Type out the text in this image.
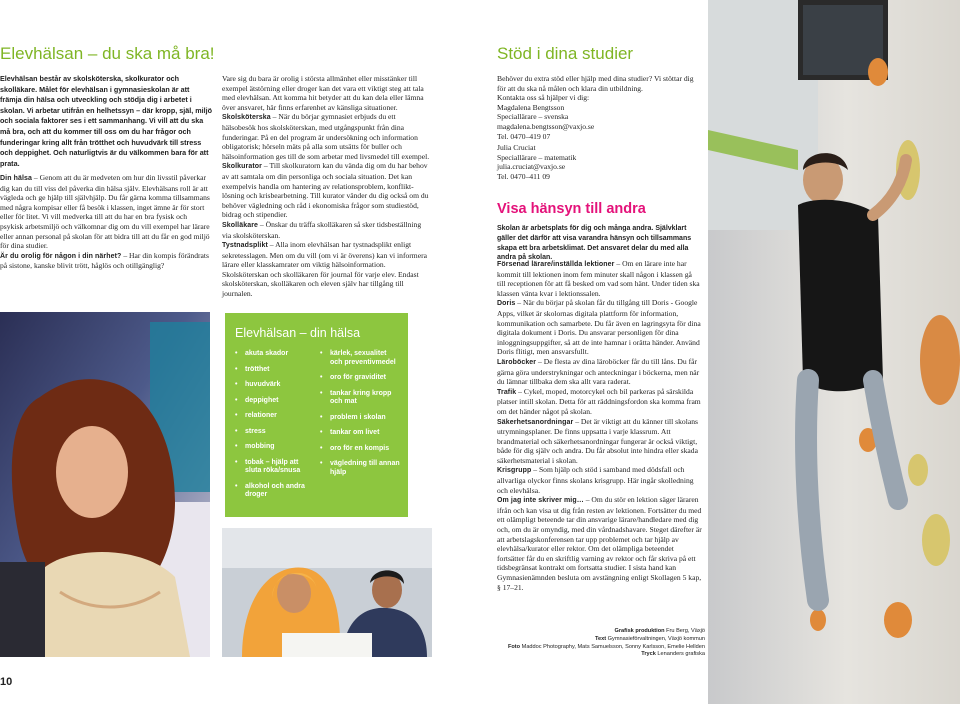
Elevhälsan – du ska må bra!

Elevhälsan består av skolsköterska, skolkurator och skolläkare. Målet för elevhälsan i gymnasieskolan är att främja din hälsa och utveckling och stödja dig i arbetet i skolan. Vi arbetar utifrån en helhetssyn – där kropp, själ, miljö och sociala faktorer ses i ett sammanhang. Vi vill att du ska må bra, och att du kommer till oss om du har frågor och funderingar kring allt från trötthet och huvudvärk till stress och deppighet. Och naturligtvis är du välkommen bara för att prata.

Din hälsa – Genom att du är medveten om hur din livsstil påverkar dig kan du till viss del påverka din hälsa själv. Elevhälsans roll är att vägleda och ge hjälp till självhjälp. Du får gärna komma tillsammans med några kompisar eller få besök i klassen, inget ämne är för stort eller för litet. Vi vill medverka till att du har en bra fysisk och psykisk arbetsmiljö och välkomnar dig om du vill exempel har lärare eller annan personal på skolan för att bidra till att du får en god miljö för dina studier.

Är du orolig för någon i din närhet? – Har din kompis förändrats på sistone, kanske blivit trött, håglös och otillgänglig?

10

Vare sig du bara är orolig i största allmänhet eller misstänker till exempel ätstörning eller droger kan det vara ett viktigt steg att tala med elevhälsan. Att komma hit betyder att du kan dela eller lämna över ansvaret, här finns erfarenhet av känsliga situationer.

Skolsköterska – När du börjar gymnasiet erbjuds du ett hälsobesök hos skolsköterskan, med utgångspunkt från dina funderingar. På en del program är undersökning och information obligatorisk; hörseln mäts på alla som utsätts för buller och hälsoinformation ges till de som arbetar med livsmedel till exempel.

Skolkurator – Till skolkuratorn kan du vända dig om du har behov av att samtala om din personliga och sociala situation. Det kan exempelvis handla om hantering av relationsproblem, konfliktlösning och krisbearbetning. Till kurator vänder du dig också om du behöver vägledning och råd i ekonomiska frågor som studiestöd, bidrag och stipendier.

Skolläkare – Önskar du träffa skolläkaren så sker tidsbeställning via skolsköterskan.

Tystnadsplikt – Alla inom elevhälsan har tystnadsplikt enligt sekretesslagen. Men om du vill (om vi är överens) kan vi informera lärare eller klasskamrater om viktig hälsoinformation. Skolsköterskan och skolläkaren för journal för varje elev. Endast skolsköterskan, skolläkaren och eleven själv har tillgång till journalen.

Elevhälsan – din hälsa
• akuta skador
• trötthet
• huvudvärk
• deppighet
• relationer
• stress
• mobbing
• tobak – hjälp att sluta röka/snusa
• alkohol och andra droger
• kärlek, sexualitet och preventivmedel
• oro för graviditet
• tankar kring kropp och mat
• problem i skolan
• tankar om livet
• oro för en kompis
• vägledning till annan hjälp
Stöd i dina studier

Behöver du extra stöd eller hjälp med dina studier? Vi stöttar dig för att du ska nå målen och klara din utbildning.

Kontakta oss så hjälper vi dig:

Magdalena Bengtsson
Speciallärare – svenska
magdalena.bengtsson@vaxjo.se
Tel. 0470–419 07
Julia Cruciat
Speciallärare – matematik
julia.cruciat@vaxjo.se
Tel. 0470–411 09
Visa hänsyn till andra

Skolan är arbetsplats för dig och många andra. Självklart gäller det därför att visa varandra hänsyn och tillsammans skapa ett bra arbetsklimat. Det ansvaret delar du med alla andra på skolan.

Försenad lärare/inställda lektioner – Om en lärare inte har kommit till lektionen inom fem minuter skall någon i klassen gå till receptionen för att få besked om vad som hänt. Under tiden ska klassen vänta kvar i lektionssalen.

Doris – När du börjar på skolan får du tillgång till Doris - Google Apps, vilket är skolornas digitala plattform för information, kommunikation och samarbete. Du får även en lagringsyta för dina digitala dokument i Doris. Du ansvarar personligen för dina inloggningsuppgifter, så att de inte hamnar i orätta händer. Använd Doris flitigt, men ansvarsfullt.

Läroböcker – De flesta av dina läroböcker får du till låns. Du får gärna göra understrykningar och anteckningar i böckerna, men när du lämnar tillbaka dem ska allt vara raderat.

Trafik – Cykel, moped, motorcykel och bil parkeras på särskilda platser intill skolan. Detta för att räddningsfordon ska komma fram om det händer något på skolan.

Säkerhetsanordningar – Det är viktigt att du känner till skolans utrymningsplaner. De finns uppsatta i varje klassrum. Att brandmaterial och säkerhetsanordningar fungerar är också viktigt, både för dig själv och andra. Du får absolut inte hindra eller skada säkerhetsmaterial i skolan.

Krisgrupp – Som hjälp och stöd i samband med dödsfall och allvarliga olyckor finns skolans krisgrupp. Här ingår skolledning och elevhälsa.

Om jag inte skriver mig… – Om du stör en lektion säger läraren ifrån och kan visa ut dig från resten av lektionen. Fortsätter du med ett olämpligt beteende tar din ansvarige lärare/handledare med dig och, om du är omyndig, med din vårdnadshavare. Steget därefter är att arbetslagskonferensen tar upp problemet och tar hjälp av elevhälsa/kurator eller rektor. Om det olämpliga beteendet fortsätter får du en skriftlig varning av rektor och får skriva på ett tidsbegränsat kontrakt om fortsatta studier. I sista hand kan Gymnasienämnden besluta om avstängning enligt Skollagen 5 kap, § 17–21.

Grafisk produktion Fru Berg, Växjö
Text Gymnasieförvaltningen, Växjö kommun
Foto Maddoc Photography, Mats Samuelsson, Sonny Karlsson, Emelie Hellden
Tryck Lenanders grafiska
